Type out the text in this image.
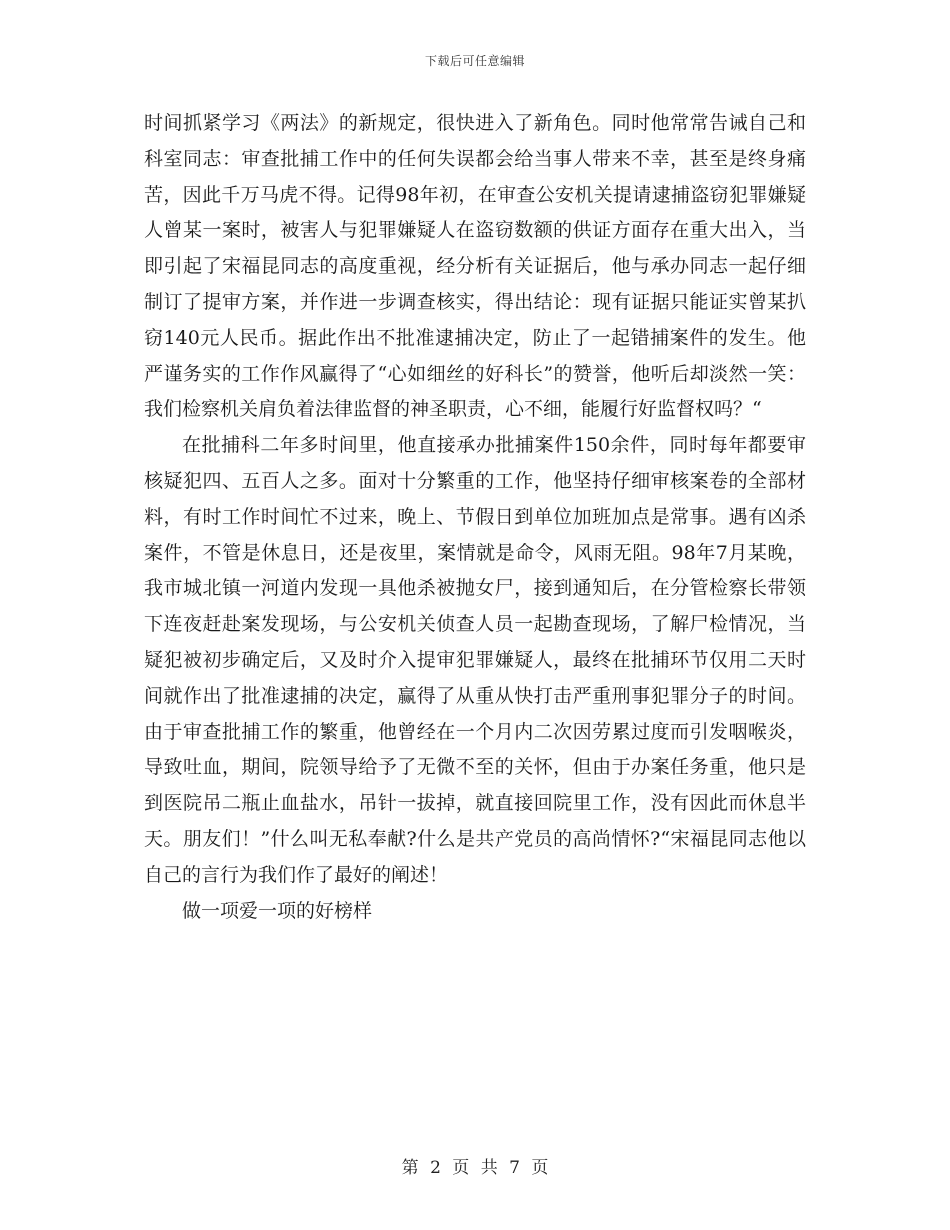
下载后可任意编辑

时间抓紧学习《两法》的新规定，很快进入了新角色。同时他常常告诫自己和科室同志：审查批捕工作中的任何失误都会给当事人带来不幸，甚至是终身痛苦，因此千万马虎不得。记得98年初，在审查公安机关提请逮捕盗窃犯罪嫌疑人曾某一案时，被害人与犯罪嫌疑人在盗窃数额的供证方面存在重大出入，当即引起了宋福昆同志的高度重视，经分析有关证据后，他与承办同志一起仔细制订了提审方案，并作进一步调查核实，得出结论：现有证据只能证实曾某扒窃140元人民币。据此作出不批准逮捕决定，防止了一起错捕案件的发生。他严谨务实的工作作风赢得了“心如细丝的好科长”的赞誉，他听后却淡然一笑：我们检察机关肩负着法律监督的神圣职责，心不细，能履行好监督权吗？“

在批捕科二年多时间里，他直接承办批捕案件150余件，同时每年都要审核疑犯四、五百人之多。面对十分繁重的工作，他坚持仔细审核案卷的全部材料，有时工作时间忙不过来，晚上、节假日到单位加班加点是常事。遇有凶杀案件，不管是休息日，还是夜里，案情就是命令，风雨无阻。98年7月某晚，我市城北镇一河道内发现一具他杀被抛女尸，接到通知后，在分管检察长带领下连夜赶赴案发现场，与公安机关侦查人员一起勘查现场，了解尸检情况，当疑犯被初步确定后，又及时介入提审犯罪嫌疑人，最终在批捕环节仅用二天时间就作出了批准逮捕的决定，赢得了从重从快打击严重刑事犯罪分子的时间。由于审查批捕工作的繁重，他曾经在一个月内二次因劳累过度而引发咽喉炎，导致吐血，期间，院领导给予了无微不至的关怀，但由于办案任务重，他只是到医院吊二瓶止血盐水，吊针一拔掉，就直接回院里工作，没有因此而休息半天。朋友们！”什么叫无私奉献?什么是共产党员的高尚情怀?“宋福昆同志他以自己的言行为我们作了最好的阐述！

做一项爱一项的好榜样

第 2 页 共 7 页
